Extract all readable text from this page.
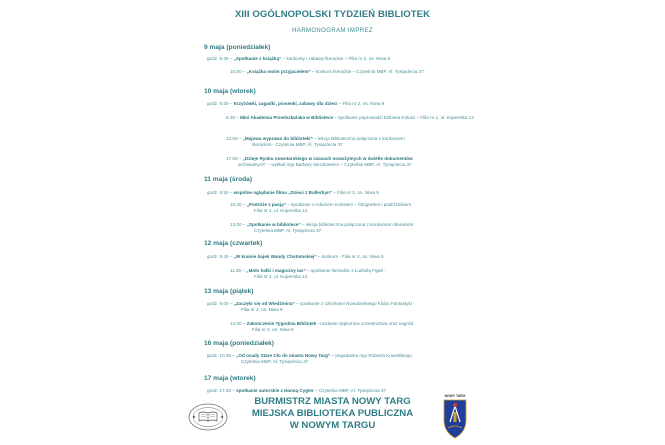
XIII OGÓLNOPOLSKI TYDZIEŃ BIBLIOTEK
HARMONOGRAM IMPREZ
9 maja (poniedziałek)
godz. 9.40 – „Spotkanie z książką” – konkursy i zabawy literackie – Filia nr 2, os. Niwa 9
10.00 – „Książka moim przyjacielem” – konkurs literackie – Czytelnia MBP, Al. Tysiąclecia 37
10 maja (wtorek)
godz. 8.50 – Krzyżówki, zagadki, piosenki, zabawy dla dzieci – Filia nr 2, os. Niwa 9
9.30 – Mini Akademia Przedszkolaka w Bibliotece – spotkanie poprowadzi Elżbieta Kolusz – Filia nr 1, ul. Kopernika 12
13.00 – „Majowa wyprawa do biblioteki” – lekcja biblioteczna połączona z konkursem
literackim - Czytelnia MBP, Al. Tysiąclecia 37
17.00 – „Dzieje Rynku nowotarskiego w czasach nowożytnych w świetle dokumentów
archiwalnych” – wykład mgr Barbary Sleczkiewicz – Czytelnia MBP, Al. Tysiąclecia 37
11 maja (środa)
godz. 8.50 – wspólne oglądanie filmu „Dzieci z Bullerbyn” – Filia nr 2, os. Niwa 9
10.30 – „Podróże z pasją” – spotkanie z Adamem Kokotem – fotografem i podróżnikiem
Filia nr 1, ul. Kopernika 12
13.00 – „Spotkanie w bibliotece” – lekcja biblioteczna połączona z konkursem literackim
Czytelnia MBP, Al. Tysiąclecia 37
12 maja (czwartek)
godz. 9.40 – „W krainie bajek Wandy Chotomskiej” – konkurs - Filia nr 2, os. Niwa 9
11.30 – „Moło halki i magiczny las” – spotkanie literackie z Ludmiłą Figiel -
Filia nr 1, ul. Kopernika 12
13 maja (piątek)
godz. 9.00 – „Zaczęło się od Wiedźmina” – spotkanie z członkami Nowotarskiego Klubu Fantastyki -
Filia nr 2, os. Niwa 9
14.00 – Zakończenie Tygodnia Bibliotek –rozdanie dyplomów uczestnictwa oraz nagród
Filia nr 2, os. Niwa 9
16 maja (poniedziałek)
godz. 10.30 – „Od osady Stare Cło do miasta Nowy Targ” – pogadanka mgr Roberta Kowalskiego
Czytelnia MBP, Al. Tysiąclecia 37
17 maja (wtorek)
godz. 17.30 – spotkanie autorskie z Hanną Cygler – Czytelnia MBP, Al. Tysiąclecia 37
BURMISTRZ MIASTA NOWY TARG
MIEJSKA BIBLIOTEKA PUBLICZNA
W NOWYM TARGU
NOWY TARG
